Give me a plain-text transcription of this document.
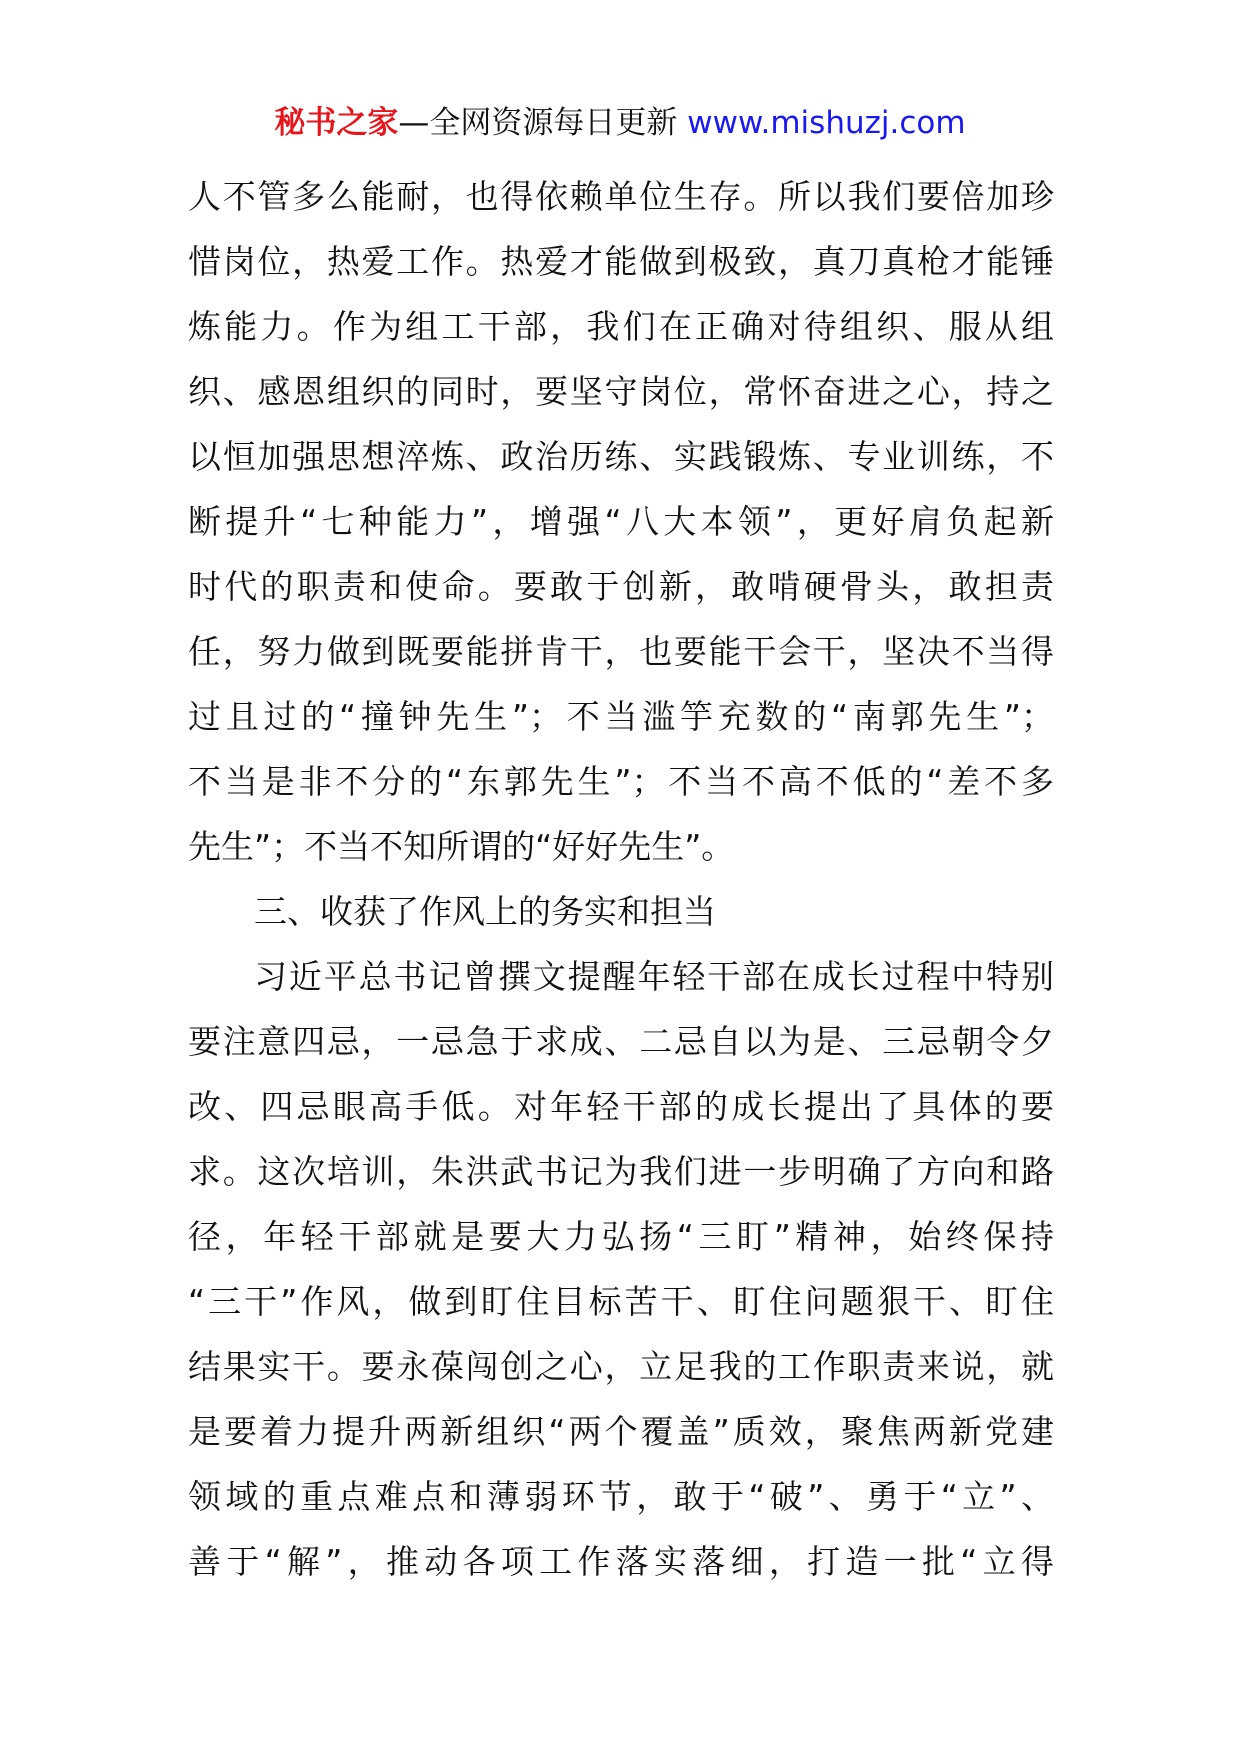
秘书之家—全网资源每日更新 www.mishuzj.com
人不管多么能耐，也得依赖单位生存。所以我们要倍加珍
惜岗位，热爱工作。热爱才能做到极致，真刀真枪才能锤
炼能力。作为组工干部，我们在正确对待组织、服从组
织、感恩组织的同时，要坚守岗位，常怀奋进之心，持之
以恒加强思想淬炼、政治历练、实践锻炼、专业训练，不
断提升“七种能力”，增强“八大本领”，更好肩负起新
时代的职责和使命。要敢于创新，敢啃硬骨头，敢担责
任，努力做到既要能拼肯干，也要能干会干，坚决不当得
过且过的“撞钟先生”；不当滥竽充数的“南郭先生”；
不当是非不分的“东郭先生”；不当不高不低的“差不多
先生”；不当不知所谓的“好好先生”。
三、收获了作风上的务实和担当
习近平总书记曾撰文提醒年轻干部在成长过程中特别
要注意四忌，一忌急于求成、二忌自以为是、三忌朝令夕
改、四忌眼高手低。对年轻干部的成长提出了具体的要
求。这次培训，朱洪武书记为我们进一步明确了方向和路
径，年轻干部就是要大力弘扬“三盯”精神，始终保持
“三干”作风，做到盯住目标苦干、盯住问题狠干、盯住
结果实干。要永葆闯创之心，立足我的工作职责来说，就
是要着力提升两新组织“两个覆盖”质效，聚焦两新党建
领域的重点难点和薄弱环节，敢于“破”、勇于“立”、
善于“解”，推动各项工作落实落细，打造一批“立得
